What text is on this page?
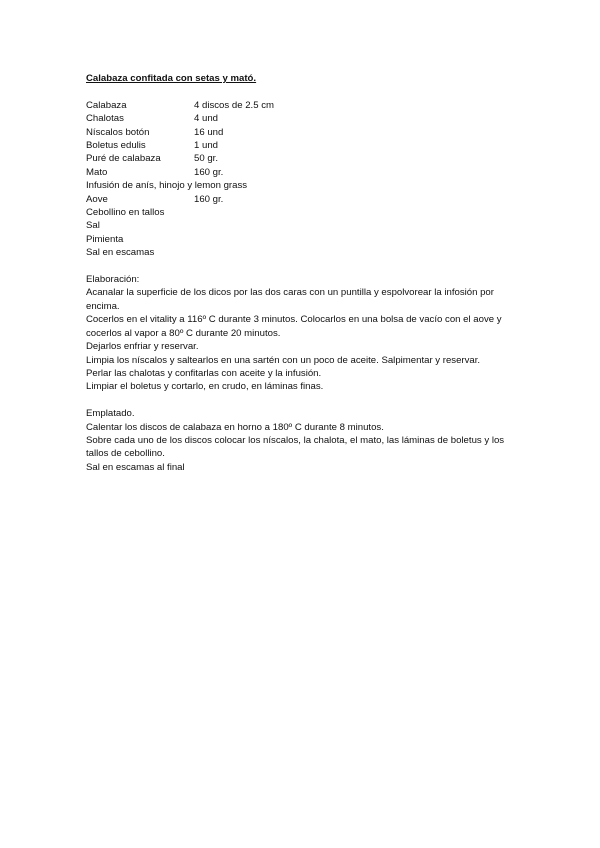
Calabaza confitada con setas y mató.
Calabaza	4 discos de 2.5 cm
Chalotas	4 und
Níscalos botón	16 und
Boletus edulis	1 und
Puré de calabaza	50 gr.
Mato	160 gr.
Infusión de anís, hinojo y lemon grass
Aove	160 gr.
Cebollino en tallos
Sal
Pimienta
Sal en escamas

Elaboración:

Acanalar la superficie de los dicos por las dos caras con un puntilla y espolvorear la infosión por encima.

Cocerlos en el vitality a 116º C durante 3 minutos. Colocarlos en una bolsa de vacío con el aove y cocerlos al vapor a 80º C durante 20 minutos.

Dejarlos enfriar y reservar.

Limpia los níscalos y saltearlos en una sartén con un poco de aceite. Salpimentar y reservar.

Perlar las chalotas y confitarlas con aceite y la infusión.

Limpiar el boletus y cortarlo, en crudo, en láminas finas.

Emplatado.

Calentar los discos de calabaza en horno a 180º C durante 8 minutos.

Sobre cada uno de los discos colocar los níscalos, la chalota, el mato, las láminas de boletus y los tallos de cebollino.

Sal en escamas al final
